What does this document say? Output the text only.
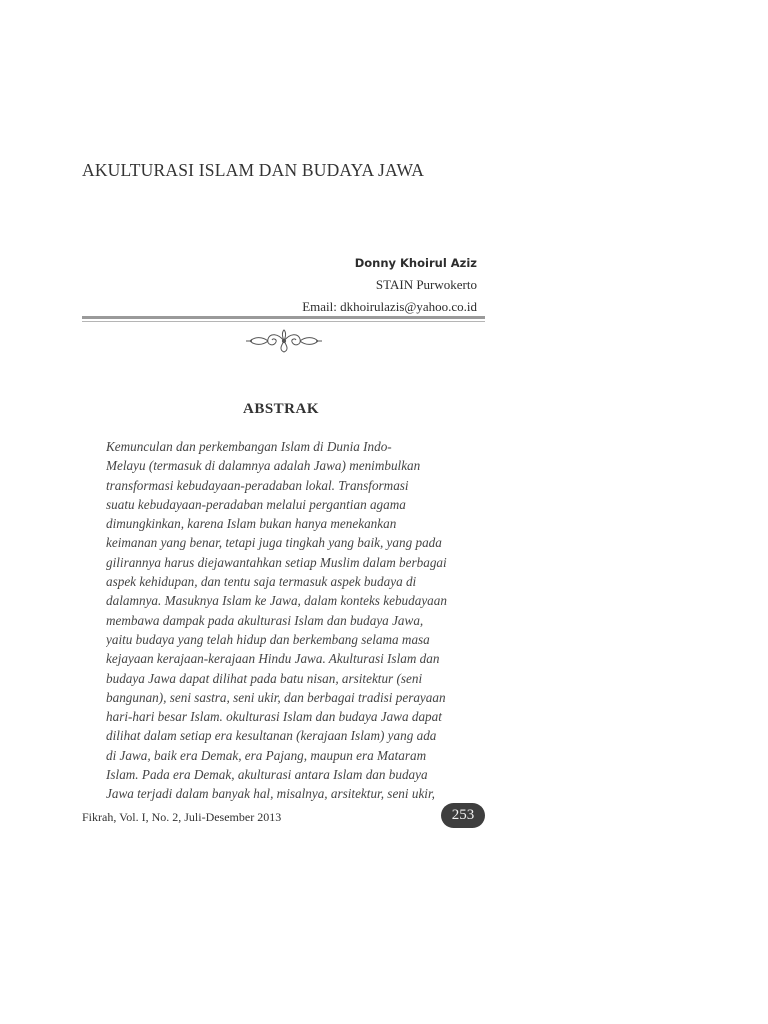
AKULTURASI ISLAM DAN BUDAYA JAWA
Donny Khoirul Aziz
STAIN Purwokerto
Email: dkhoirulazis@yahoo.co.id
ABSTRAK

Kemunculan dan perkembangan Islam di Dunia Indo-
Melayu (termasuk di dalamnya adalah Jawa) menimbulkan
transformasi kebudayaan-peradaban lokal. Transformasi
suatu kebudayaan-peradaban melalui pergantian agama
dimungkinkan, karena Islam bukan hanya menekankan
keimanan yang benar, tetapi juga tingkah yang baik, yang pada
gilirannya harus diejawantahkan setiap Muslim dalam berbagai
aspek kehidupan, dan tentu saja termasuk aspek budaya di
dalamnya. Masuknya Islam ke Jawa, dalam konteks kebudayaan
membawa dampak pada akulturasi Islam dan budaya Jawa,
yaitu budaya yang telah hidup dan berkembang selama masa
kejayaan kerajaan-kerajaan Hindu Jawa. Akulturasi Islam dan
budaya Jawa dapat dilihat pada batu nisan, arsitektur (seni
bangunan), seni sastra, seni ukir, dan berbagai tradisi perayaan
hari-hari besar Islam. okulturasi Islam dan budaya Jawa dapat
dilihat dalam setiap era kesultanan (kerajaan Islam) yang ada
di Jawa, baik era Demak, era Pajang, maupun era Mataram
Islam. Pada era Demak, akulturasi antara Islam dan budaya
Jawa terjadi dalam banyak hal, misalnya, arsitektur, seni ukir,

Fikrah, Vol. I, No. 2, Juli-Desember 2013	253
